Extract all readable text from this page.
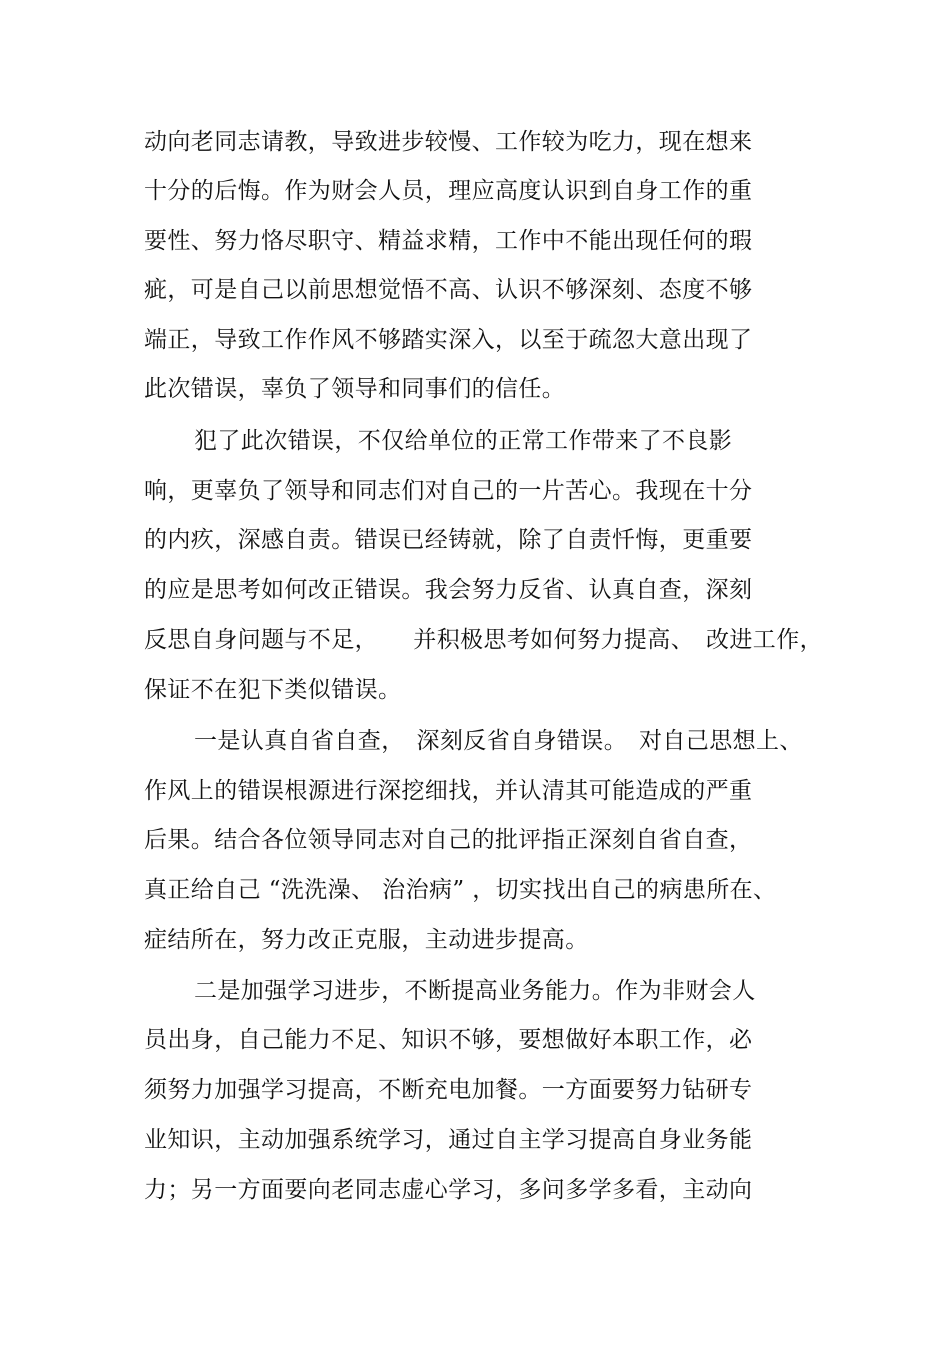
动向老同志请教，导致进步较慢、工作较为吃力，现在想来
十分的后悔。作为财会人员，理应高度认识到自身工作的重
要性、努力恪尽职守、精益求精，工作中不能出现任何的瑕
疵，可是自己以前思想觉悟不高、认识不够深刻、态度不够
端正，导致工作作风不够踏实深入，以至于疏忽大意出现了
此次错误，辜负了领导和同事们的信任。
犯了此次错误，不仅给单位的正常工作带来了不良影
响，更辜负了领导和同志们对自己的一片苦心。我现在十分
的内疚，深感自责。错误已经铸就，除了自责忏悔，更重要
的应是思考如何改正错误。我会努力反省、认真自查，深刻
反思自身问题与不足，　　并积极思考如何努力提高、　改进工作，
保证不在犯下类似错误。
一是认真自省自查，　深刻反省自身错误。　对自己思想上、
作风上的错误根源进行深挖细找，并认清其可能造成的严重
后果。结合各位领导同志对自己的批评指正深刻自省自查，
真正给自己 “洗洗澡、 治治病” ，切实找出自己的病患所在、
症结所在，努力改正克服，主动进步提高。
二是加强学习进步，不断提高业务能力。作为非财会人
员出身，自己能力不足、知识不够，要想做好本职工作，必
须努力加强学习提高，不断充电加餐。一方面要努力钻研专
业知识，主动加强系统学习，通过自主学习提高自身业务能
力；另一方面要向老同志虚心学习，多问多学多看，主动向
